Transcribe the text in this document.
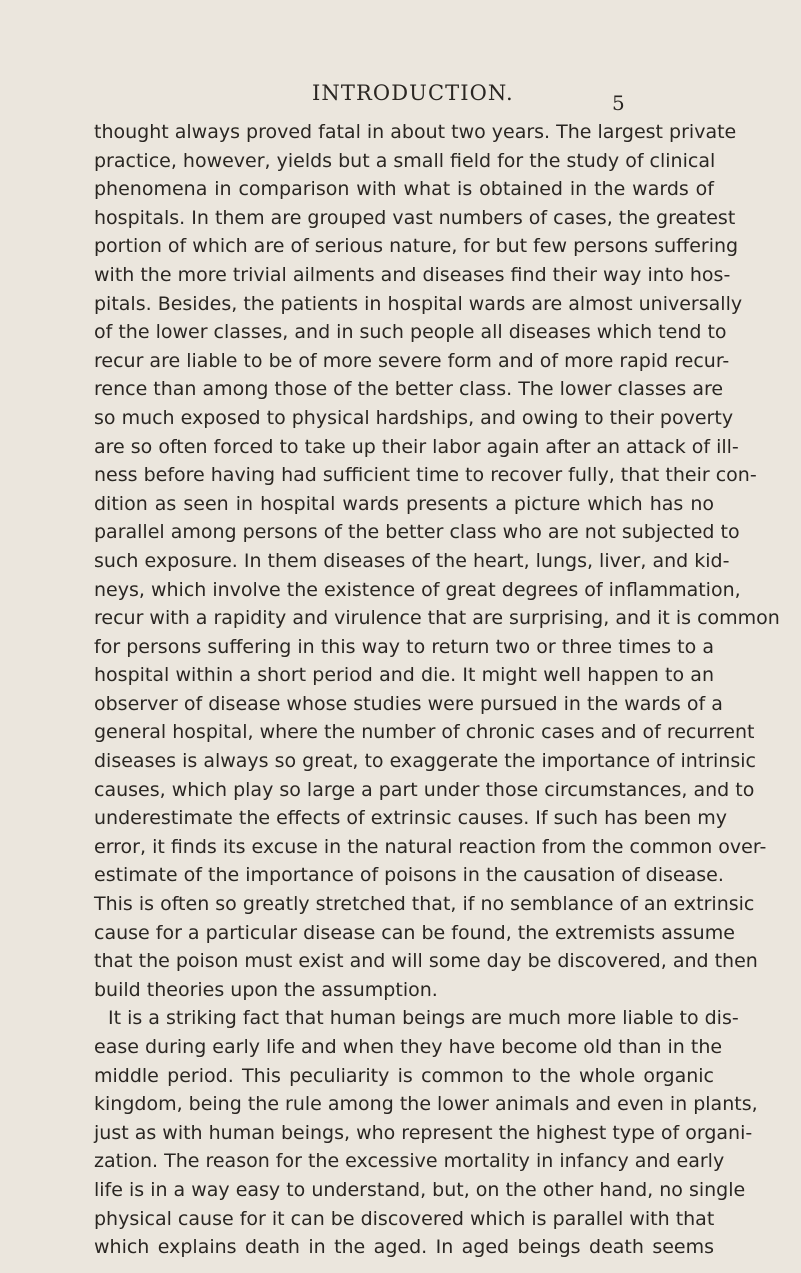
INTRODUCTION.	5
thought always proved fatal in about two years. The largest private
practice, however, yields but a small field for the study of clinical
phenomena in comparison with what is obtained in the wards of
hospitals. In them are grouped vast numbers of cases, the greatest
portion of which are of serious nature, for but few persons suffering
with the more trivial ailments and diseases find their way into hos-
pitals. Besides, the patients in hospital wards are almost universally
of the lower classes, and in such people all diseases which tend to
recur are liable to be of more severe form and of more rapid recur-
rence than among those of the better class. The lower classes are
so much exposed to physical hardships, and owing to their poverty
are so often forced to take up their labor again after an attack of ill-
ness before having had sufficient time to recover fully, that their con-
dition as seen in hospital wards presents a picture which has no
parallel among persons of the better class who are not subjected to
such exposure. In them diseases of the heart, lungs, liver, and kid-
neys, which involve the existence of great degrees of inflammation,
recur with a rapidity and virulence that are surprising, and it is common
for persons suffering in this way to return two or three times to a
hospital within a short period and die. It might well happen to an
observer of disease whose studies were pursued in the wards of a
general hospital, where the number of chronic cases and of recurrent
diseases is always so great, to exaggerate the importance of intrinsic
causes, which play so large a part under those circumstances, and to
underestimate the effects of extrinsic causes. If such has been my
error, it finds its excuse in the natural reaction from the common over-
estimate of the importance of poisons in the causation of disease.
This is often so greatly stretched that, if no semblance of an extrinsic
cause for a particular disease can be found, the extremists assume
that the poison must exist and will some day be discovered, and then
build theories upon the assumption.
It is a striking fact that human beings are much more liable to dis-
ease during early life and when they have become old than in the
middle period. This peculiarity is common to the whole organic
kingdom, being the rule among the lower animals and even in plants,
just as with human beings, who represent the highest type of organi-
zation. The reason for the excessive mortality in infancy and early
life is in a way easy to understand, but, on the other hand, no single
physical cause for it can be discovered which is parallel with that
which explains death in the aged. In aged beings death seems
